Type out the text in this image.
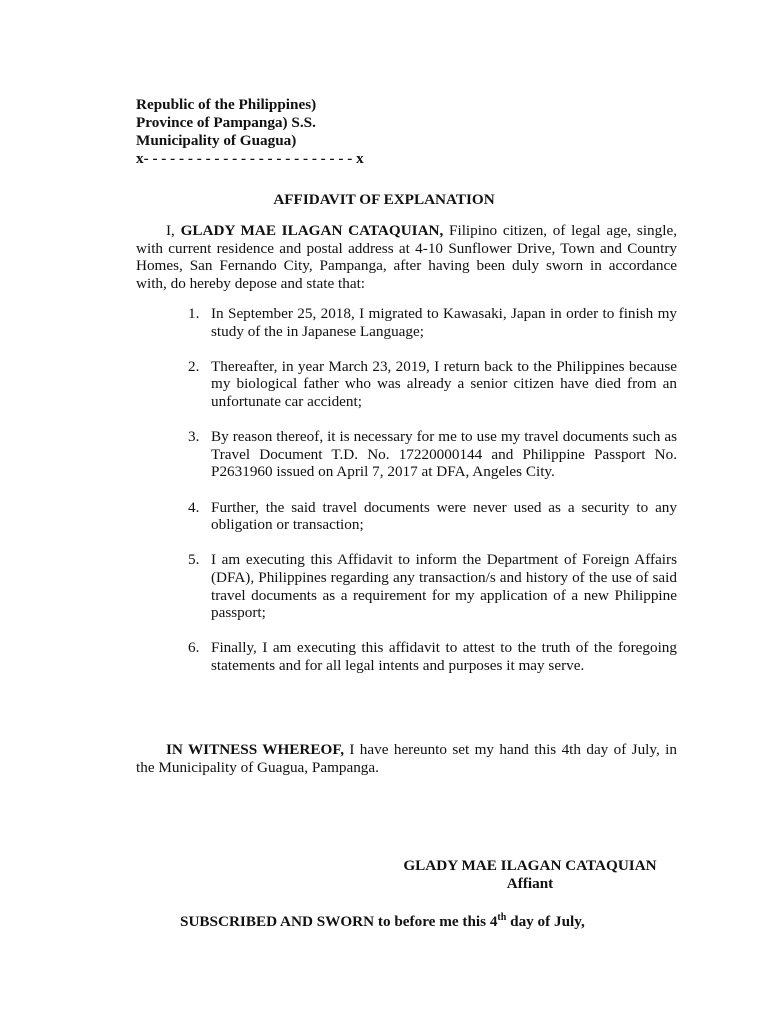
Republic of the Philippines)
Province of Pampanga) S.S.
Municipality of Guagua)
x- - - - - - - - - - - - - - - - - - - - - - - - x
AFFIDAVIT OF EXPLANATION
I, GLADY MAE ILAGAN CATAQUIAN, Filipino citizen, of legal age, single, with current residence and postal address at 4-10 Sunflower Drive, Town and Country Homes, San Fernando City, Pampanga, after having been duly sworn in accordance with, do hereby depose and state that:
1. In September 25, 2018, I migrated to Kawasaki, Japan in order to finish my study of the in Japanese Language;
2. Thereafter, in year March 23, 2019, I return back to the Philippines because my biological father who was already a senior citizen have died from an unfortunate car accident;
3. By reason thereof, it is necessary for me to use my travel documents such as Travel Document T.D. No. 17220000144 and Philippine Passport No. P2631960 issued on April 7, 2017 at DFA, Angeles City.
4. Further, the said travel documents were never used as a security to any obligation or transaction;
5. I am executing this Affidavit to inform the Department of Foreign Affairs (DFA), Philippines regarding any transaction/s and history of the use of said travel documents as a requirement for my application of a new Philippine passport;
6. Finally, I am executing this affidavit to attest to the truth of the foregoing statements and for all legal intents and purposes it may serve.
IN WITNESS WHEREOF, I have hereunto set my hand this 4th day of July, in the Municipality of Guagua, Pampanga.
GLADY MAE ILAGAN CATAQUIAN
Affiant
SUBSCRIBED AND SWORN to before me this 4th day of July,
